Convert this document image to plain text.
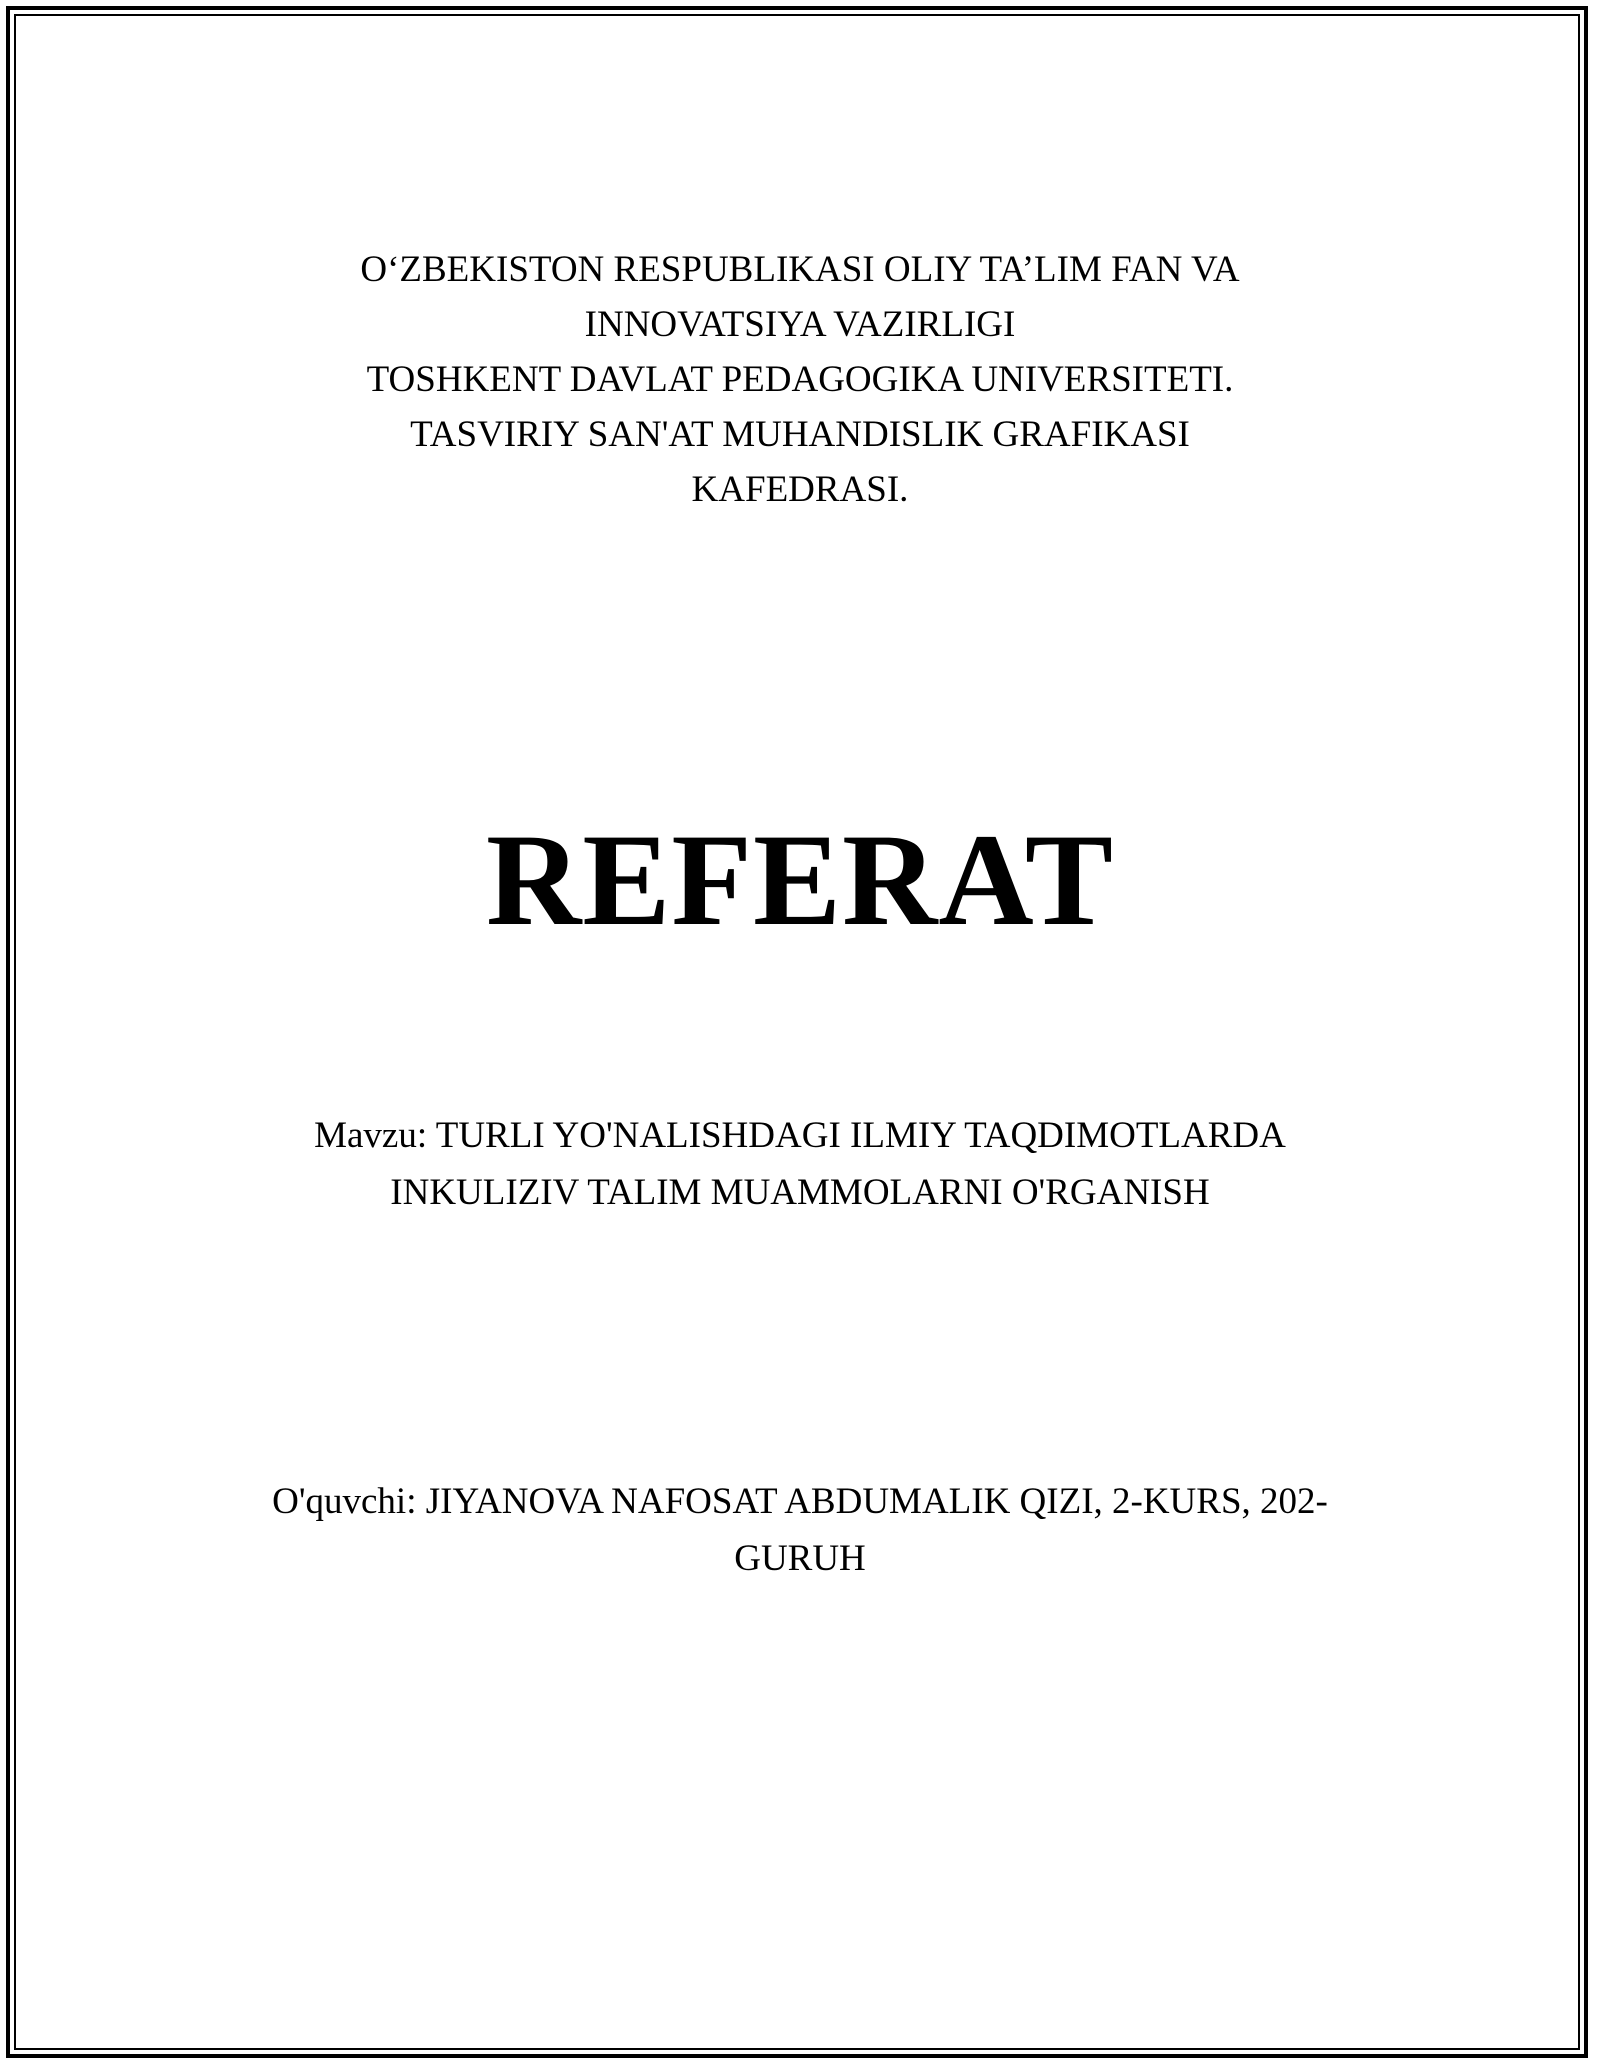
O‘ZBEKISTON RESPUBLIKASI OLIY TA’LIM FAN VA
INNOVATSIYA VAZIRLIGI
TOSHKENT DAVLAT PEDAGOGIKA UNIVERSITETI.
TASVIRIY SAN'AT MUHANDISLIK GRAFIKASI
KAFEDRASI.
REFERAT
Mavzu: TURLI YO'NALISHDAGI ILMIY TAQDIMOTLARDA
INKULIZIV TALIM MUAMMOLARNI O'RGANISH
O'quvchi: JIYANOVA NAFOSAT ABDUMALIK QIZI, 2-KURS, 202-
GURUH
